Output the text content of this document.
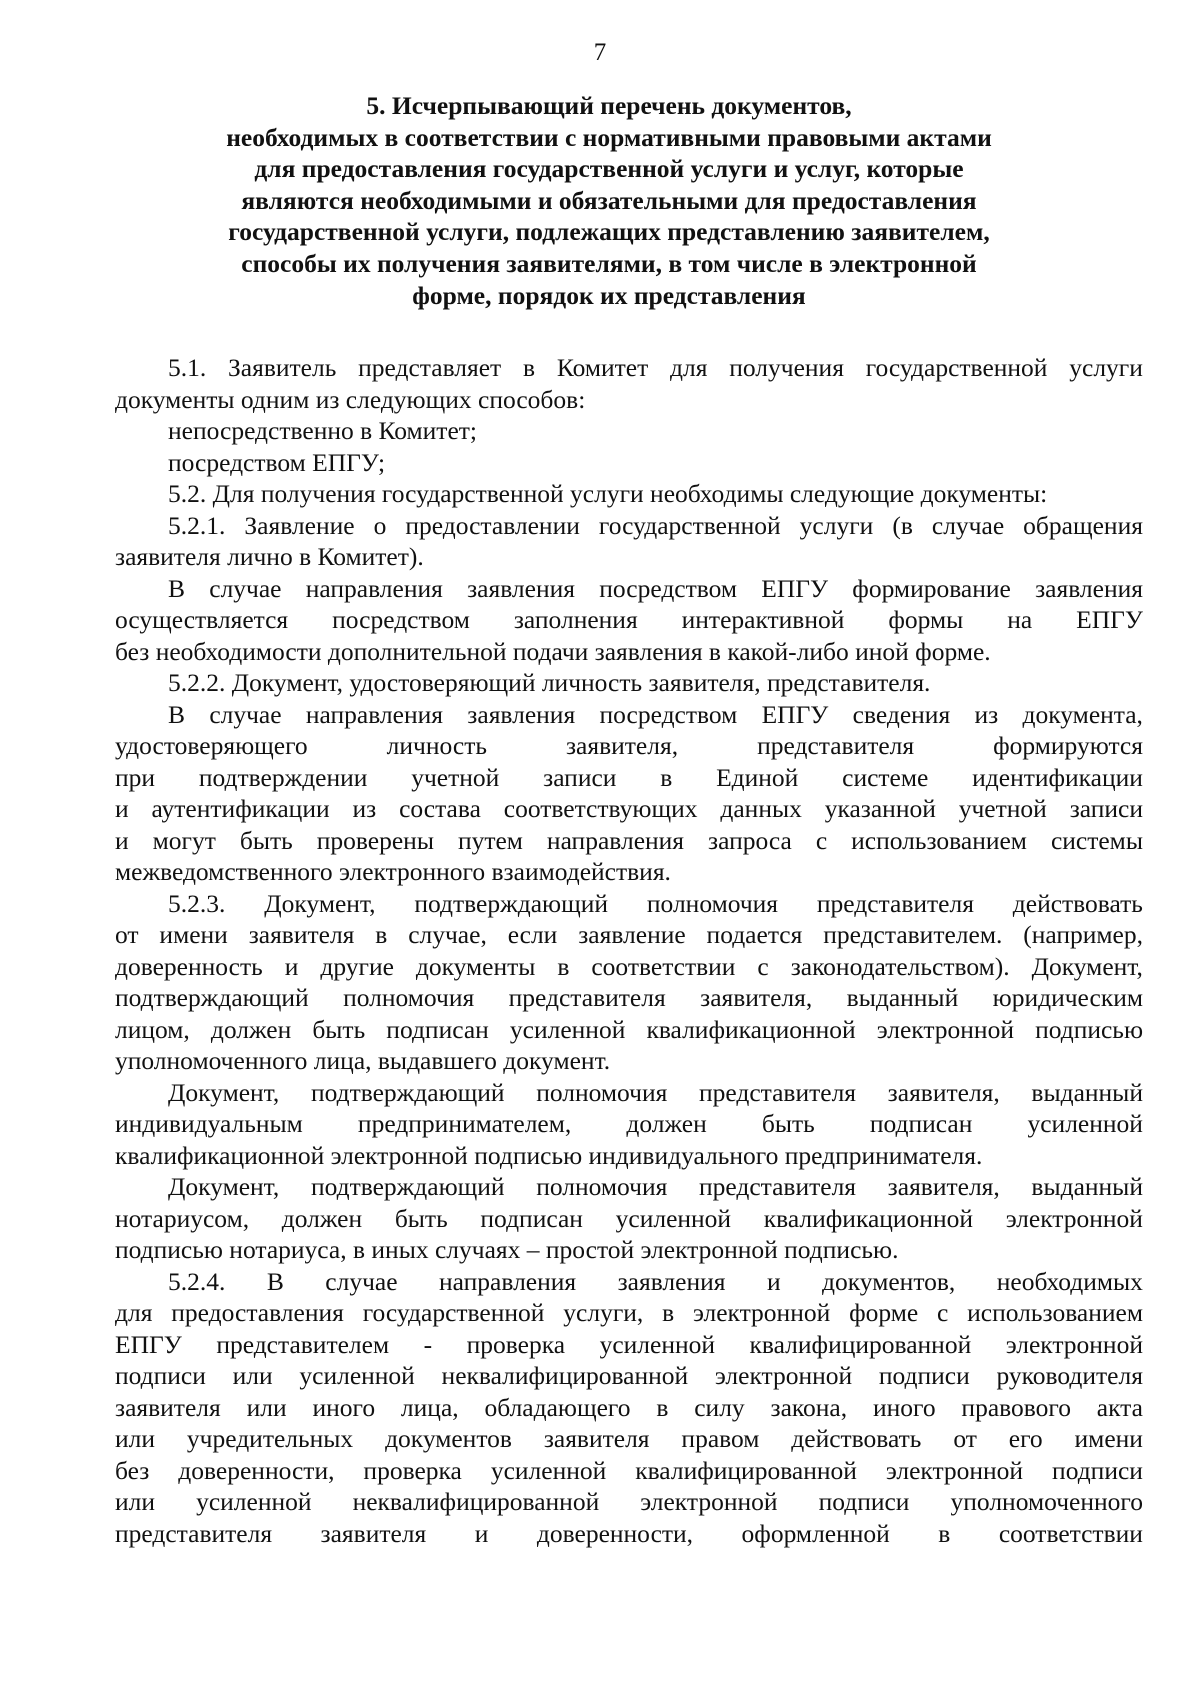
7
5. Исчерпывающий перечень документов,
необходимых в соответствии с нормативными правовыми актами
для предоставления государственной услуги и услуг, которые
являются необходимыми и обязательными для предоставления
государственной услуги, подлежащих представлению заявителем,
способы их получения заявителями, в том числе в электронной
форме, порядок их представления
5.1. Заявитель представляет в Комитет для получения государственной услуги
документы одним из следующих способов:
непосредственно в Комитет;
посредством ЕПГУ;
5.2. Для получения государственной услуги необходимы следующие документы:
5.2.1. Заявление о предоставлении государственной услуги (в случае обращения
заявителя лично в Комитет).
В случае направления заявления посредством ЕПГУ формирование заявления
осуществляется посредством заполнения интерактивной формы на ЕПГУ
без необходимости дополнительной подачи заявления в какой-либо иной форме.
5.2.2. Документ, удостоверяющий личность заявителя, представителя.
В случае направления заявления посредством ЕПГУ сведения из документа,
удостоверяющего	личность	заявителя,	представителя	формируются
при подтверждении учетной записи в Единой системе идентификации
и аутентификации из состава соответствующих данных указанной учетной записи
и могут быть проверены путем направления запроса с использованием системы
межведомственного электронного взаимодействия.
5.2.3. Документ, подтверждающий полномочия представителя действовать
от имени заявителя в случае, если заявление подается представителем. (например,
доверенность и другие документы в соответствии с законодательством). Документ,
подтверждающий полномочия представителя заявителя, выданный юридическим
лицом, должен быть подписан усиленной квалификационной электронной подписью
уполномоченного лица, выдавшего документ.
Документ, подтверждающий полномочия представителя заявителя, выданный
индивидуальным предпринимателем, должен быть подписан усиленной
квалификационной электронной подписью индивидуального предпринимателя.
Документ, подтверждающий полномочия представителя заявителя, выданный
нотариусом, должен быть подписан усиленной квалификационной электронной
подписью нотариуса, в иных случаях – простой электронной подписью.
5.2.4. В случае направления заявления и документов, необходимых
для предоставления государственной услуги, в электронной форме с использованием
ЕПГУ представителем - проверка усиленной квалифицированной электронной
подписи или усиленной неквалифицированной электронной подписи руководителя
заявителя или иного лица, обладающего в силу закона, иного правового акта
или учредительных документов заявителя правом действовать от его имени
без доверенности, проверка усиленной квалифицированной электронной подписи
или усиленной неквалифицированной электронной подписи уполномоченного
представителя заявителя и доверенности, оформленной в соответствии
